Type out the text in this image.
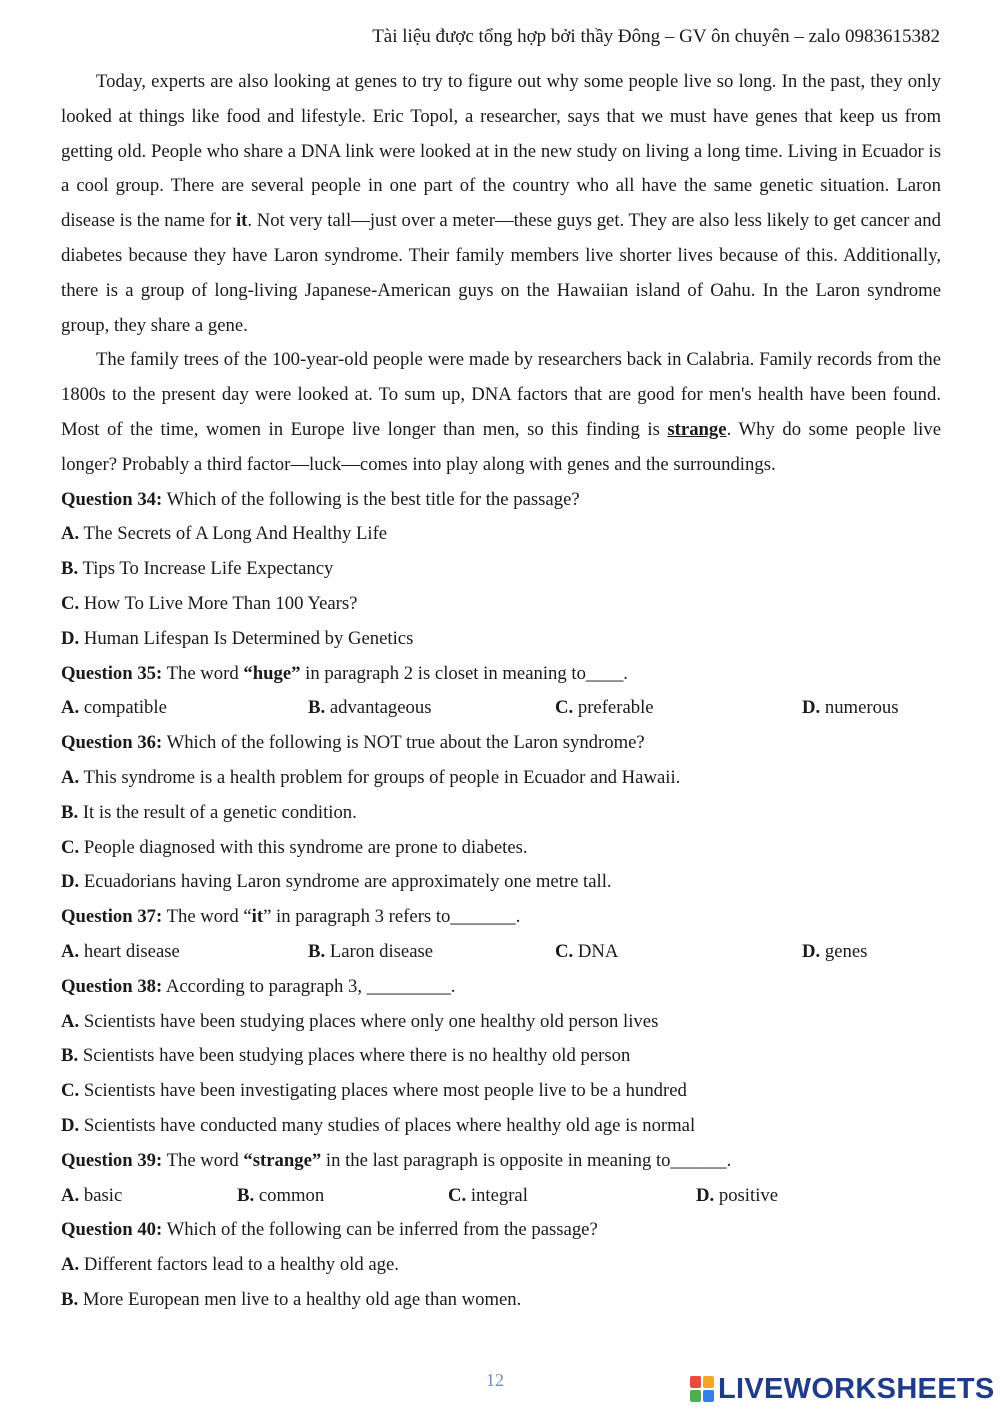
Tài liệu được tổng hợp bởi thầy Đông – GV ôn chuyên – zalo 0983615382

Today, experts are also looking at genes to try to figure out why some people live so long. In the past, they only looked at things like food and lifestyle. Eric Topol, a researcher, says that we must have genes that keep us from getting old. People who share a DNA link were looked at in the new study on living a long time. Living in Ecuador is a cool group. There are several people in one part of the country who all have the same genetic situation. Laron disease is the name for it. Not very tall—just over a meter—these guys get. They are also less likely to get cancer and diabetes because they have Laron syndrome. Their family members live shorter lives because of this. Additionally, there is a group of long-living Japanese-American guys on the Hawaiian island of Oahu. In the Laron syndrome group, they share a gene.

The family trees of the 100-year-old people were made by researchers back in Calabria. Family records from the 1800s to the present day were looked at. To sum up, DNA factors that are good for men's health have been found. Most of the time, women in Europe live longer than men, so this finding is strange. Why do some people live longer? Probably a third factor—luck—comes into play along with genes and the surroundings.

Question 34: Which of the following is the best title for the passage?
A. The Secrets of A Long And Healthy Life
B. Tips To Increase Life Expectancy
C. How To Live More Than 100 Years?
D. Human Lifespan Is Determined by Genetics
Question 35: The word “huge” in paragraph 2 is closet in meaning to____.
A. compatible	B. advantageous	C. preferable	D. numerous
Question 36: Which of the following is NOT true about the Laron syndrome?
A. This syndrome is a health problem for groups of people in Ecuador and Hawaii.
B. It is the result of a genetic condition.
C. People diagnosed with this syndrome are prone to diabetes.
D. Ecuadorians having Laron syndrome are approximately one metre tall.
Question 37: The word “it” in paragraph 3 refers to_______.
A. heart disease	B. Laron disease	C. DNA	D. genes
Question 38: According to paragraph 3, _________.
A. Scientists have been studying places where only one healthy old person lives
B. Scientists have been studying places where there is no healthy old person
C. Scientists have been investigating places where most people live to be a hundred
D. Scientists have conducted many studies of places where healthy old age is normal
Question 39: The word “strange” in the last paragraph is opposite in meaning to______.
A. basic	B. common	C. integral	D. positive
Question 40: Which of the following can be inferred from the passage?
A. Different factors lead to a healthy old age.
B. More European men live to a healthy old age than women.
12	LIVEWORKSHEETS
